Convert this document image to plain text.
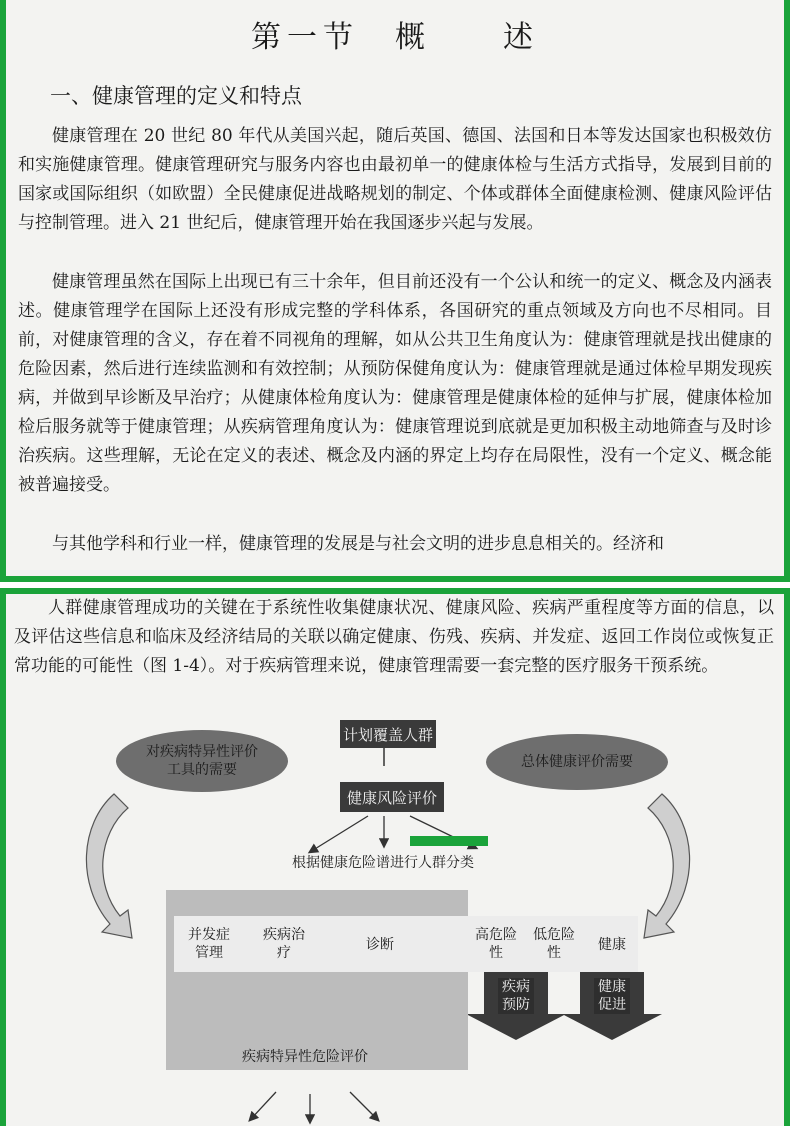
第一节　概　　述
一、健康管理的定义和特点

健康管理在 20 世纪 80 年代从美国兴起，随后英国、德国、法国和日本等发达国家也积极效仿和实施健康管理。健康管理研究与服务内容也由最初单一的健康体检与生活方式指导，发展到目前的国家或国际组织（如欧盟）全民健康促进战略规划的制定、个体或群体全面健康检测、健康风险评估与控制管理。进入 21 世纪后，健康管理开始在我国逐步兴起与发展。

健康管理虽然在国际上出现已有三十余年，但目前还没有一个公认和统一的定义、概念及内涵表述。健康管理学在国际上还没有形成完整的学科体系，各国研究的重点领域及方向也不尽相同。目前，对健康管理的含义，存在着不同视角的理解，如从公共卫生角度认为：健康管理就是找出健康的危险因素，然后进行连续监测和有效控制；从预防保健角度认为：健康管理就是通过体检早期发现疾病，并做到早诊断及早治疗；从健康体检角度认为：健康管理是健康体检的延伸与扩展，健康体检加检后服务就等于健康管理；从疾病管理角度认为：健康管理说到底就是更加积极主动地筛查与及时诊治疾病。这些理解，无论在定义的表述、概念及内涵的界定上均存在局限性，没有一个定义、概念能被普遍接受。

与其他学科和行业一样，健康管理的发展是与社会文明的进步息息相关的。经济和

人群健康管理成功的关键在于系统性收集健康状况、健康风险、疾病严重程度等方面的信息，以及评估这些信息和临床及经济结局的关联以确定健康、伤残、疾病、并发症、返回工作岗位或恢复正常功能的可能性（图 1-4）。对于疾病管理来说，健康管理需要一套完整的医疗服务干预系统。

计划覆盖人群
健康风险评价
对疾病特异性评价工具的需要	总体健康评价需要
根据健康危险谱进行人群分类
并发症管理
疾病治疗	诊断
高危险性
低危险性	健康
疾病预防
健康促进
疾病特异性危险评价
